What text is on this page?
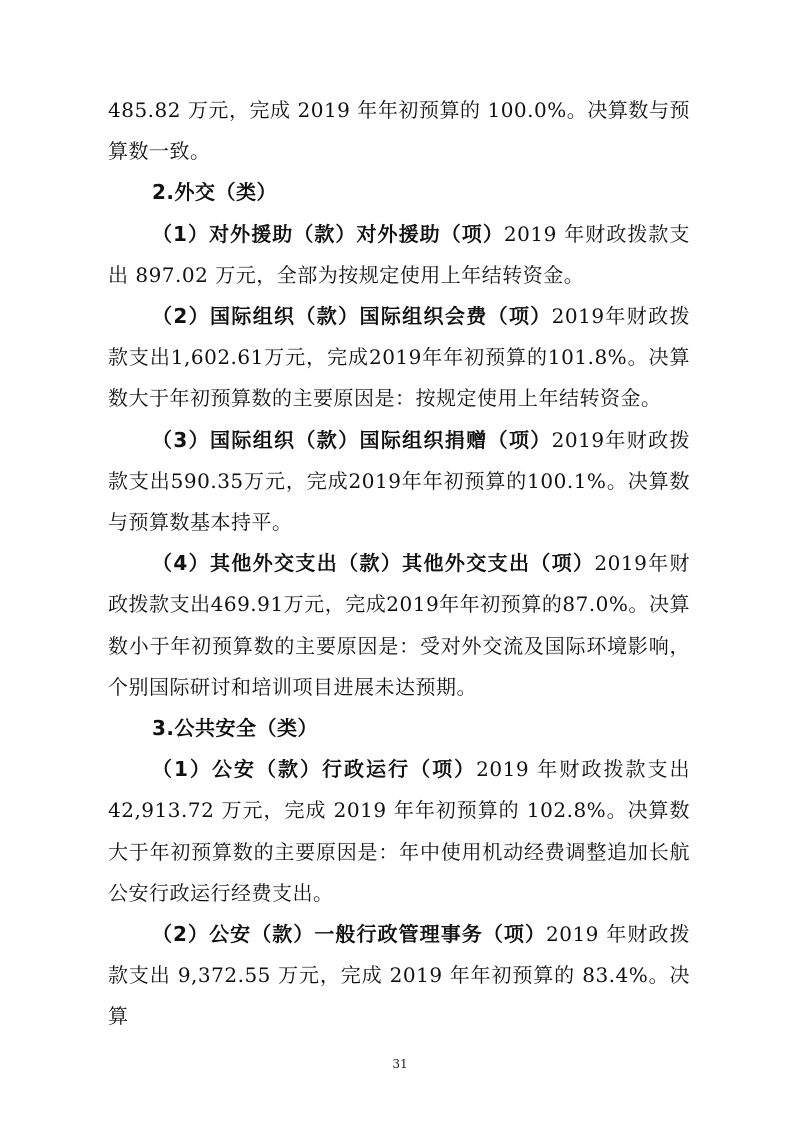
485.82 万元，完成 2019 年年初预算的 100.0%。决算数与预算数一致。

2.外交（类）

（1）对外援助（款）对外援助（项）2019 年财政拨款支出 897.02 万元，全部为按规定使用上年结转资金。

（2）国际组织（款）国际组织会费（项）2019年财政拨款支出1,602.61万元，完成2019年年初预算的101.8%。决算数大于年初预算数的主要原因是：按规定使用上年结转资金。

（3）国际组织（款）国际组织捐赠（项）2019年财政拨款支出590.35万元，完成2019年年初预算的100.1%。决算数与预算数基本持平。

（4）其他外交支出（款）其他外交支出（项）2019年财政拨款支出469.91万元，完成2019年年初预算的87.0%。决算数小于年初预算数的主要原因是：受对外交流及国际环境影响，个别国际研讨和培训项目进展未达预期。

3.公共安全（类）

（1）公安（款）行政运行（项）2019 年财政拨款支出 42,913.72 万元，完成 2019 年年初预算的 102.8%。决算数大于年初预算数的主要原因是：年中使用机动经费调整追加长航公安行政运行经费支出。

（2）公安（款）一般行政管理事务（项）2019 年财政拨款支出 9,372.55 万元，完成 2019 年年初预算的 83.4%。决算

31
